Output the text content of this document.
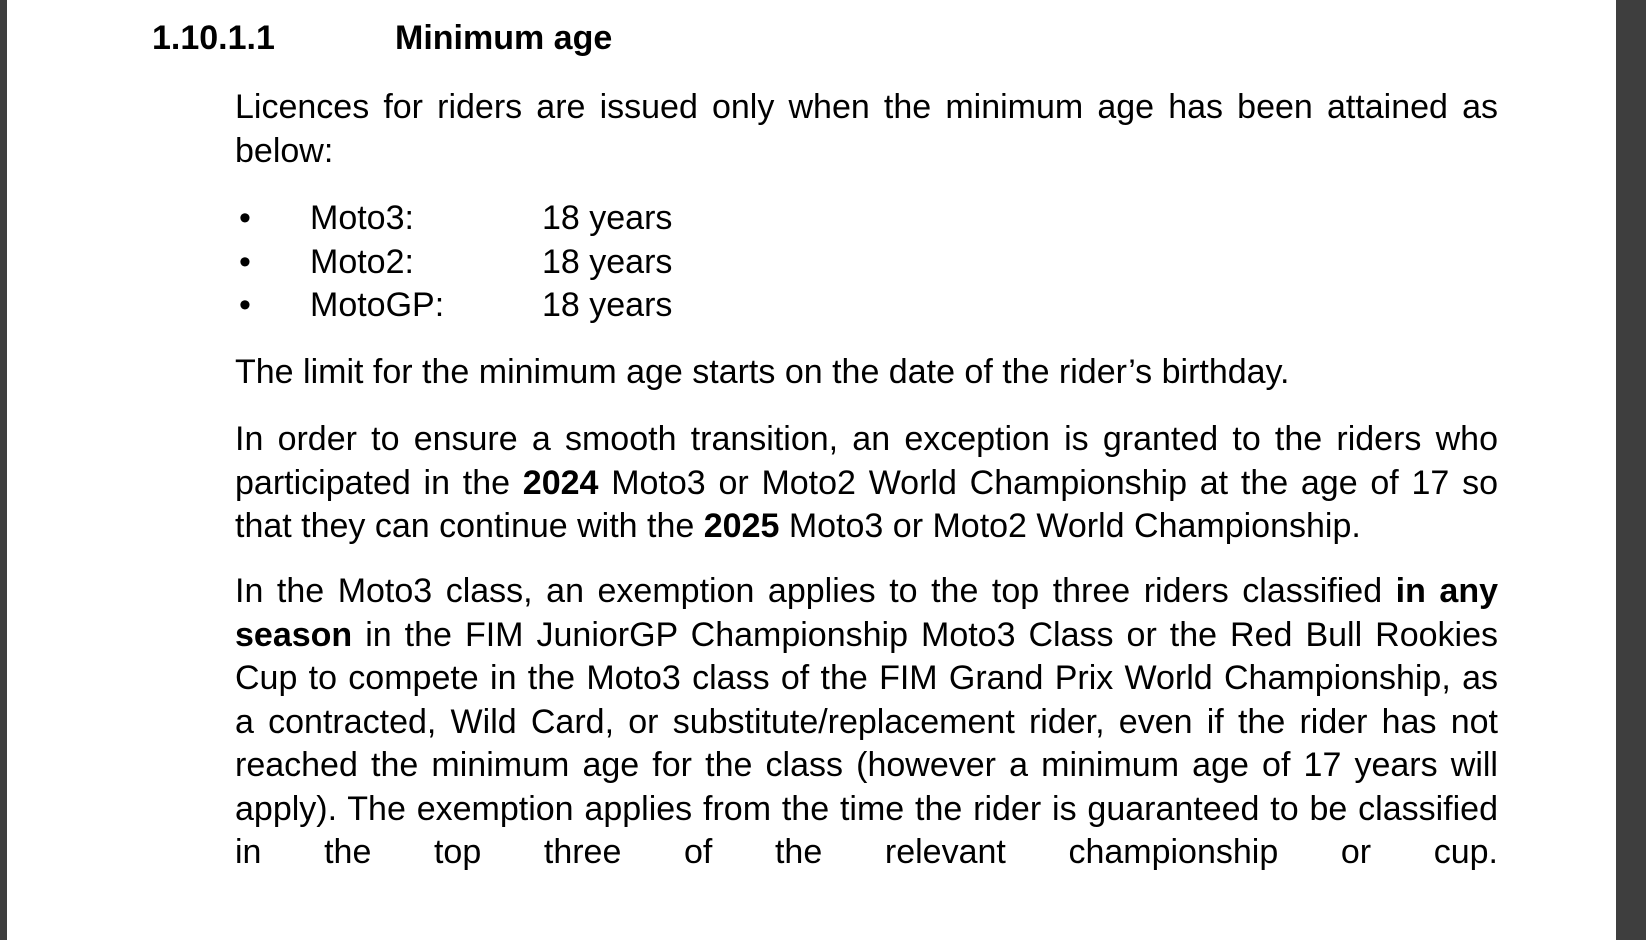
1.10.1.1	Minimum age
Licences for riders are issued only when the minimum age has been attained as below:
• Moto3:	18 years
• Moto2:	18 years
• MotoGP:	18 years
The limit for the minimum age starts on the date of the rider’s birthday.
In order to ensure a smooth transition, an exception is granted to the riders who participated in the 2024 Moto3 or Moto2 World Championship at the age of 17 so that they can continue with the 2025 Moto3 or Moto2 World Championship.
In the Moto3 class, an exemption applies to the top three riders classified in any season in the FIM JuniorGP Championship Moto3 Class or the Red Bull Rookies Cup to compete in the Moto3 class of the FIM Grand Prix World Championship, as a contracted, Wild Card, or substitute/replacement rider, even if the rider has not reached the minimum age for the class (however a minimum age of 17 years will apply). The exemption applies from the time the rider is guaranteed to be classified in the top three of the relevant championship or cup.
